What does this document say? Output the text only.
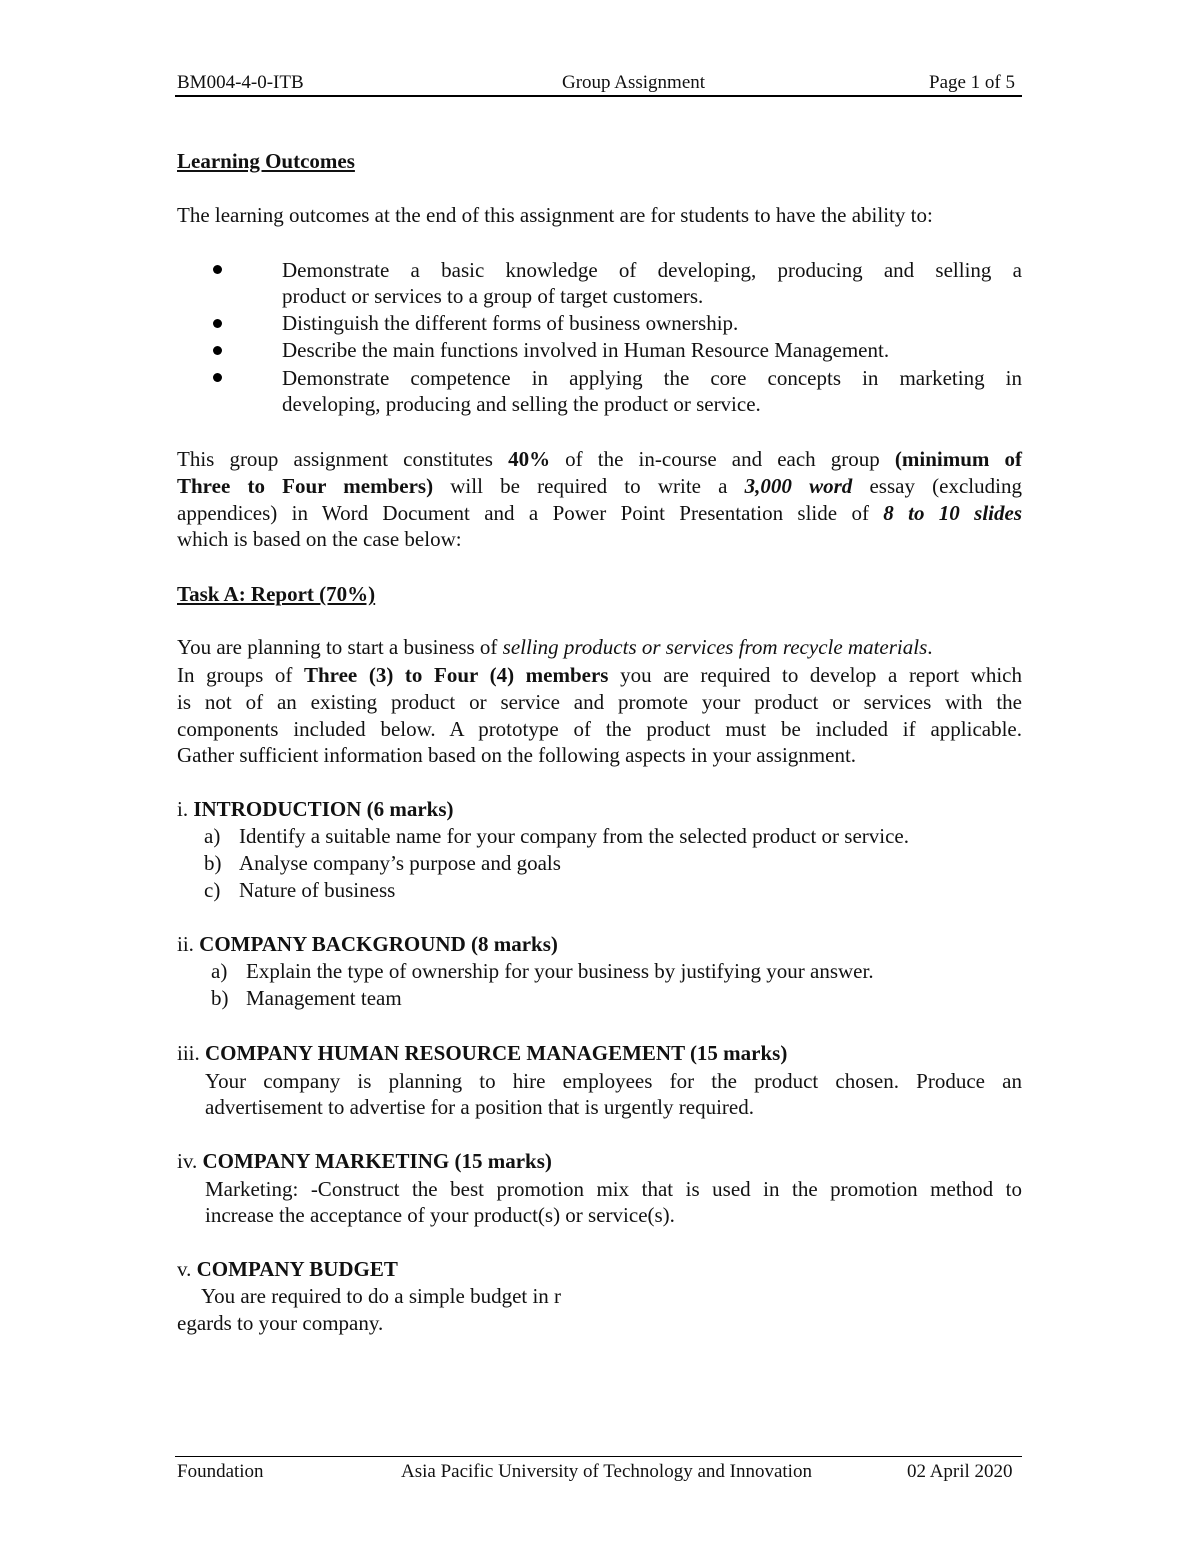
BM004-4-0-ITB	Group Assignment	Page 1 of 5
Learning Outcomes
The learning outcomes at the end of this assignment are for students to have the ability to:
Demonstrate a basic knowledge of developing, producing and selling a
product or services to a group of target customers.
Distinguish the different forms of business ownership.
Describe the main functions involved in Human Resource Management.
Demonstrate competence in applying the core concepts in marketing in
developing, producing and selling the product or service.
This group assignment constitutes 40% of the in-course and each group (minimum of
Three to Four members) will be required to write a 3,000 word essay (excluding
appendices) in Word Document and a Power Point Presentation slide of 8 to 10 slides
which is based on the case below:
Task A: Report (70%)
You are planning to start a business of selling products or services from recycle materials.
In groups of Three (3) to Four (4) members you are required to develop a report which
is not of an existing product or service and promote your product or services with the
components included below. A prototype of the product must be included if applicable.
Gather sufficient information based on the following aspects in your assignment.
i. INTRODUCTION (6 marks)
a) Identify a suitable name for your company from the selected product or service.
b) Analyse company’s purpose and goals
c) Nature of business
ii. COMPANY BACKGROUND (8 marks)
a) Explain the type of ownership for your business by justifying your answer.
b) Management team
iii. COMPANY HUMAN RESOURCE MANAGEMENT (15 marks)
Your company is planning to hire employees for the product chosen. Produce an
advertisement to advertise for a position that is urgently required.
iv. COMPANY MARKETING (15 marks)
Marketing: -Construct the best promotion mix that is used in the promotion method to
increase the acceptance of your product(s) or service(s).
v. COMPANY BUDGET
You are required to do a simple budget in r
egards to your company.
Foundation	Asia Pacific University of Technology and Innovation	02 April 2020
